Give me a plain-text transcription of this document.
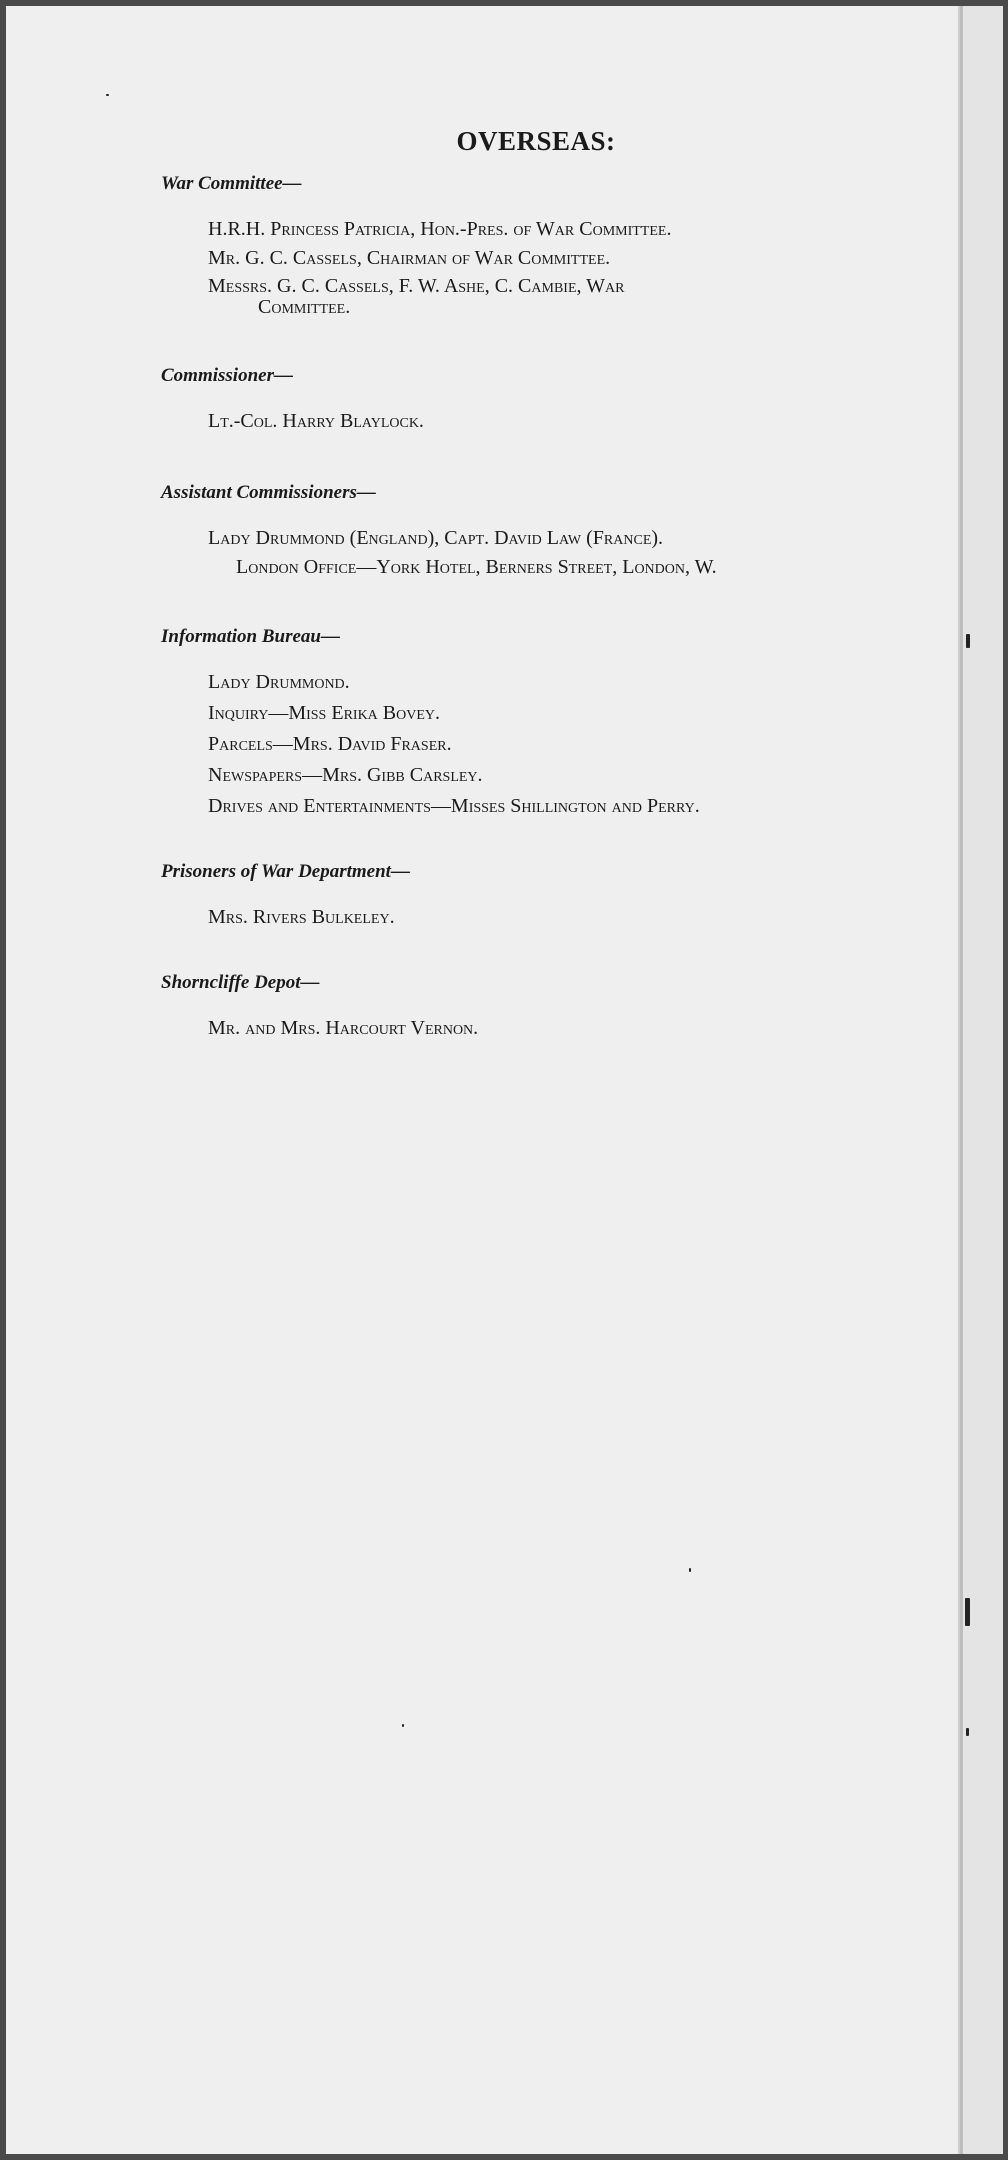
OVERSEAS:
War Committee—
H.R.H. Princess Patricia, Hon.-Pres. of War Committee.
Mr. G. C. Cassels, Chairman of War Committee.
Messrs. G. C. Cassels, F. W. Ashe, C. Cambie, War
Committee.
Commissioner—
Lt.-Col. Harry Blaylock.
Assistant Commissioners—
Lady Drummond (England), Capt. David Law (France).
London Office—York Hotel, Berners Street, London, W.
Information Bureau—
Lady Drummond.
Inquiry—Miss Erika Bovey.
Parcels—Mrs. David Fraser.
Newspapers—Mrs. Gibb Carsley.
Drives and Entertainments—Misses Shillington and Perry.
Prisoners of War Department—
Mrs. Rivers Bulkeley.
Shorncliffe Depot—
Mr. and Mrs. Harcourt Vernon.
